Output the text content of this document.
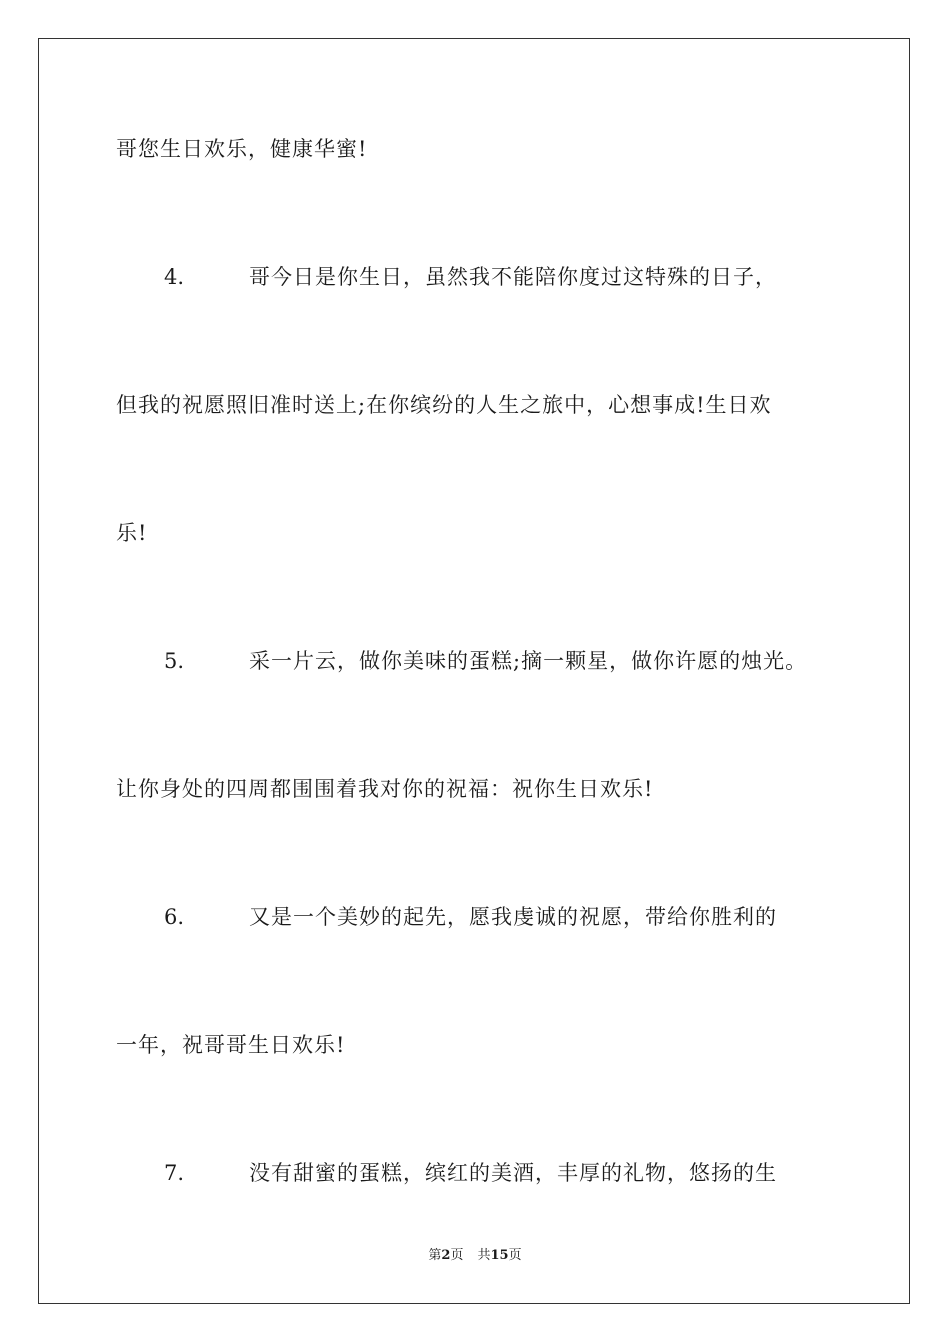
哥您生日欢乐，健康华蜜!
4.	哥今日是你生日，虽然我不能陪你度过这特殊的日子，
但我的祝愿照旧准时送上;在你缤纷的人生之旅中，心想事成!生日欢
乐!
5.	采一片云，做你美味的蛋糕;摘一颗星，做你许愿的烛光。
让你身处的四周都围围着我对你的祝福：祝你生日欢乐!
6.	又是一个美妙的起先，愿我虔诚的祝愿，带给你胜利的
一年，祝哥哥生日欢乐!
7.	没有甜蜜的蛋糕，缤红的美酒，丰厚的礼物，悠扬的生
第2页 共15页
